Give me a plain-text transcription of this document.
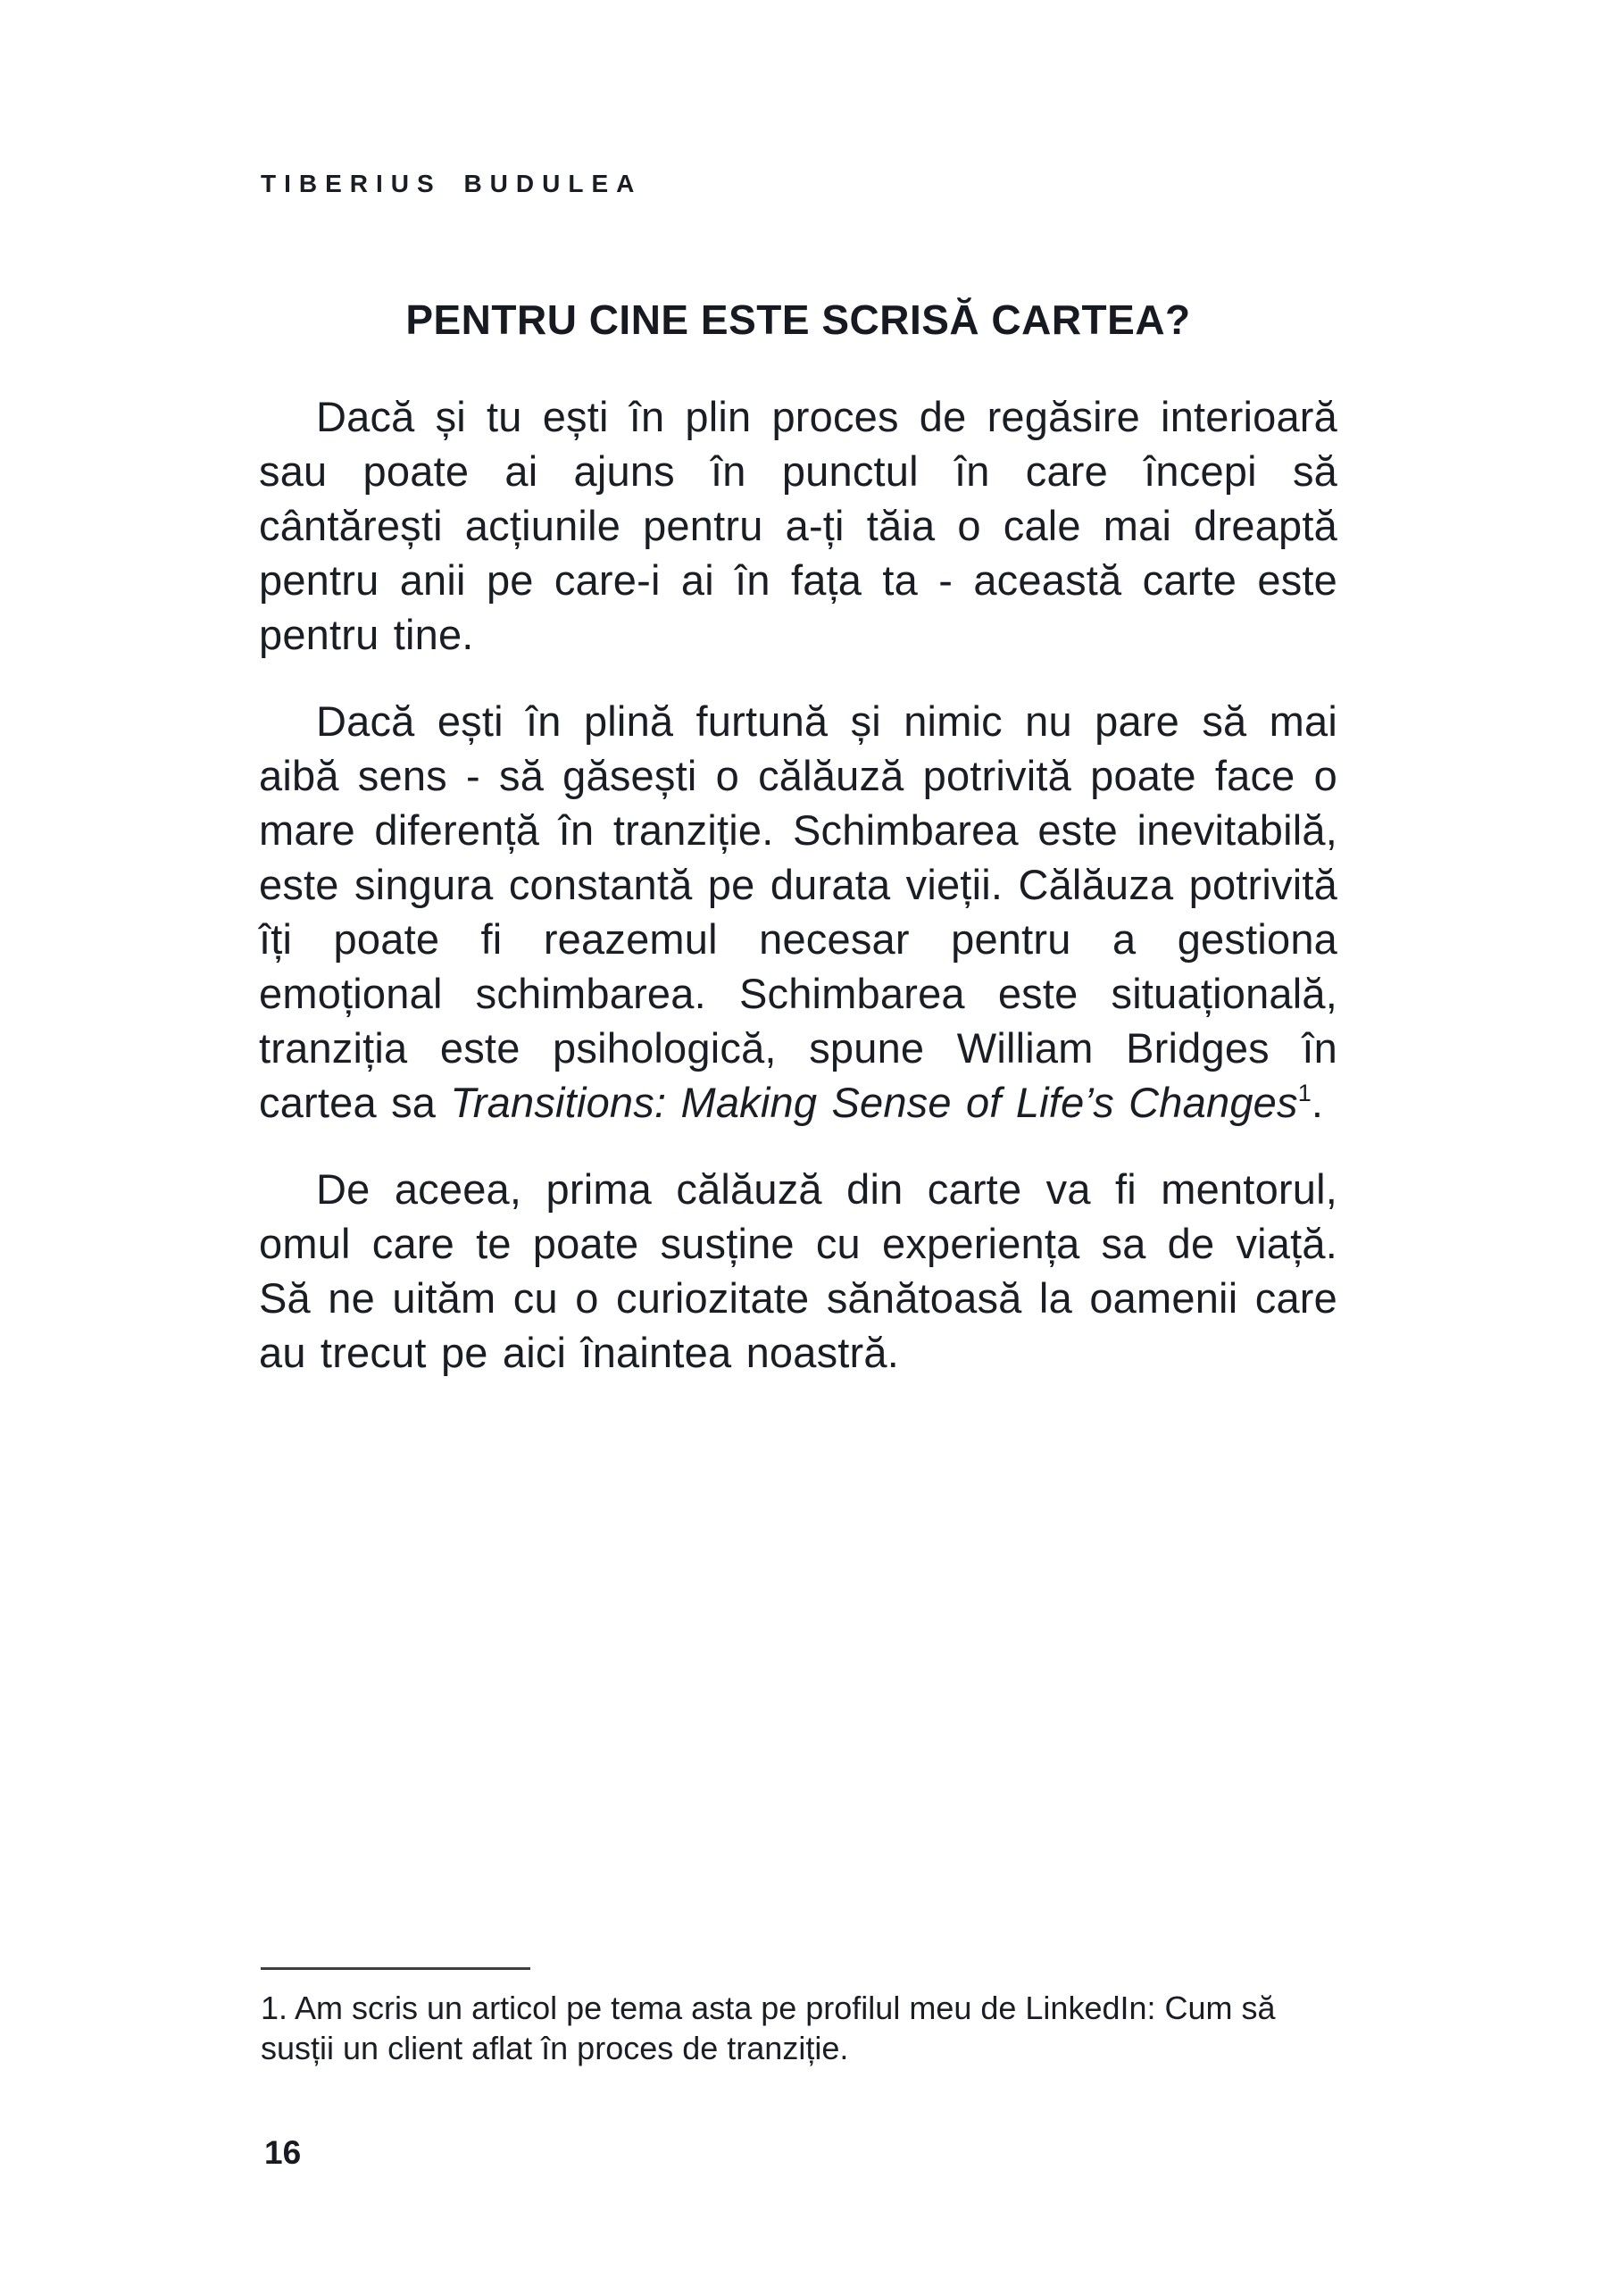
TIBERIUS BUDULEA
PENTRU CINE ESTE SCRISĂ CARTEA?

Dacă și tu ești în plin proces de regăsire interioară sau poate ai ajuns în punctul în care începi să cântărești acțiunile pentru a-ți tăia o cale mai dreaptă pentru anii pe care-i ai în fața ta - această carte este pentru tine.

Dacă ești în plină furtună și nimic nu pare să mai aibă sens - să găsești o călăuză potrivită poate face o mare diferență în tranziție. Schimbarea este inevitabilă, este singura constantă pe durata vieții. Călăuza potrivită îți poate fi reazemul necesar pentru a gestiona emoțional schimbarea. Schimbarea este situațională, tranziția este psihologică, spune William Bridges în cartea sa Transitions: Making Sense of Life’s Changes$^1$.

De aceea, prima călăuză din carte va fi mentorul, omul care te poate susține cu experiența sa de viață. Să ne uităm cu o curiozitate sănătoasă la oamenii care au trecut pe aici înaintea noastră.

1. Am scris un articol pe tema asta pe profilul meu de LinkedIn: Cum să susții un client aflat în proces de tranziție.
16
